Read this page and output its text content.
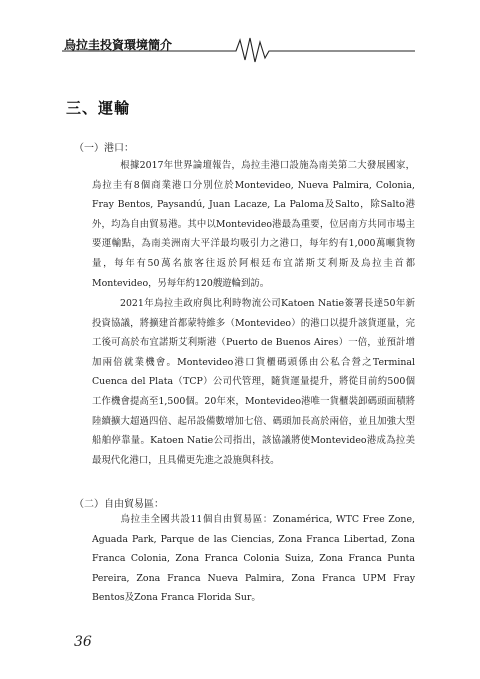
烏拉圭投資環境簡介
三、運輸
（一）港口：

根據2017年世界論壇報告，烏拉圭港口設施為南美第二大發展國家，烏拉圭有8個商業港口分別位於Montevideo, Nueva Palmira, Colonia, Fray Bentos, Paysandú, Juan Lacaze, La Paloma及Salto，除Salto港外，均為自由貿易港。其中以Montevideo港最為重要，位居南方共同市場主要運輸點，為南美洲南大平洋最均吸引力之港口，每年約有1,000萬噸貨物量，每年有50萬名旅客往返於阿根廷布宜諾斯艾利斯及烏拉圭首都Montevideo，另每年約120艘遊輪到訪。

2021年烏拉圭政府與比利時物流公司Katoen Natie簽署長達50年新投資協議，將擴建首都蒙特維多（Montevideo）的港口以提升該貨運量，完工後可高於布宜諾斯艾利斯港（Puerto de Buenos Aires）一倍，並預計增加兩倍就業機會。Montevideo港口貨櫃碼頭係由公私合營之Terminal Cuenca del Plata（TCP）公司代管理，隨貨運量提升，將從目前約500個工作機會提高至1,500個。20年來，Montevideo港唯一貨櫃裝卸碼頭面積將陸續擴大超過四倍、起吊設備數增加七倍、碼頭加長高於兩倍，並且加強大型船舶停靠量。Katoen Natie公司指出，該協議將使Montevideo港成為拉美最現代化港口，且具備更先進之設施與科技。

（二）自由貿易區：

烏拉圭全國共設11個自由貿易區：Zonamérica, WTC Free Zone, Aguada Park, Parque de las Ciencias, Zona Franca Libertad, Zona Franca Colonia, Zona Franca Colonia Suiza, Zona Franca Punta Pereira, Zona Franca Nueva Palmira, Zona Franca UPM Fray Bentos及Zona Franca Florida Sur。

36
